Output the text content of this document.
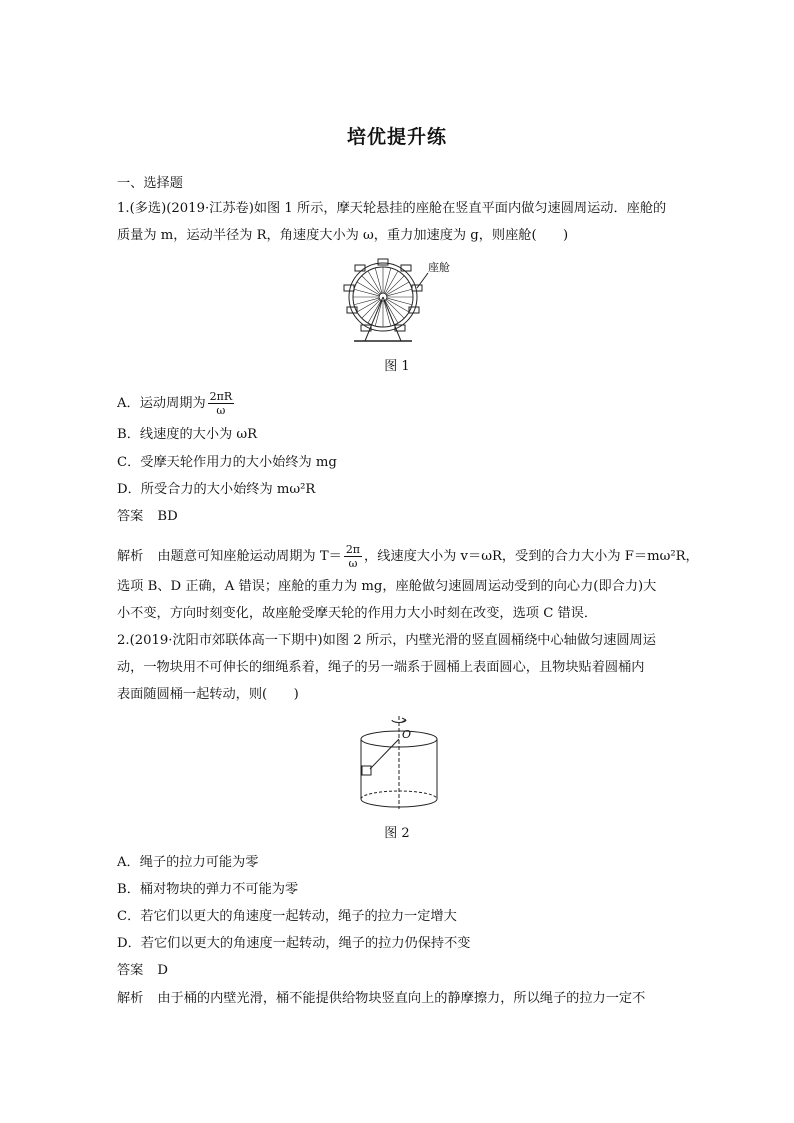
培优提升练
一、选择题
1.(多选)(2019·江苏卷)如图 1 所示，摩天轮悬挂的座舱在竖直平面内做匀速圆周运动．座舱的
质量为 m，运动半径为 R，角速度大小为 ω，重力加速度为 g，则座舱(　　)
座舱
图 1
A．运动周期为 $\frac{2\pi R}{\omega}$
B．线速度的大小为 ωR
C．受摩天轮作用力的大小始终为 mg
D．所受合力的大小始终为 mω²R
答案 BD
解析 由题意可知座舱运动周期为 $T= \frac{2\pi}{\omega}$ ，线速度大小为 v＝ωR，受到的合力大小为 F＝mω²R，
选项 B、D 正确，A 错误；座舱的重力为 mg，座舱做匀速圆周运动受到的向心力(即合力)大
小不变，方向时刻变化，故座舱受摩天轮的作用力大小时刻在改变，选项 C 错误．
2.(2019·沈阳市郊联体高一下期中)如图 2 所示，内壁光滑的竖直圆桶绕中心轴做匀速圆周运
动，一物块用不可伸长的细绳系着，绳子的另一端系于圆桶上表面圆心，且物块贴着圆桶内
表面随圆桶一起转动，则(　　)
O
图 2
A．绳子的拉力可能为零
B．桶对物块的弹力不可能为零
C．若它们以更大的角速度一起转动，绳子的拉力一定增大
D．若它们以更大的角速度一起转动，绳子的拉力仍保持不变
答案 D
解析 由于桶的内壁光滑，桶不能提供给物块竖直向上的静摩擦力，所以绳子的拉力一定不
